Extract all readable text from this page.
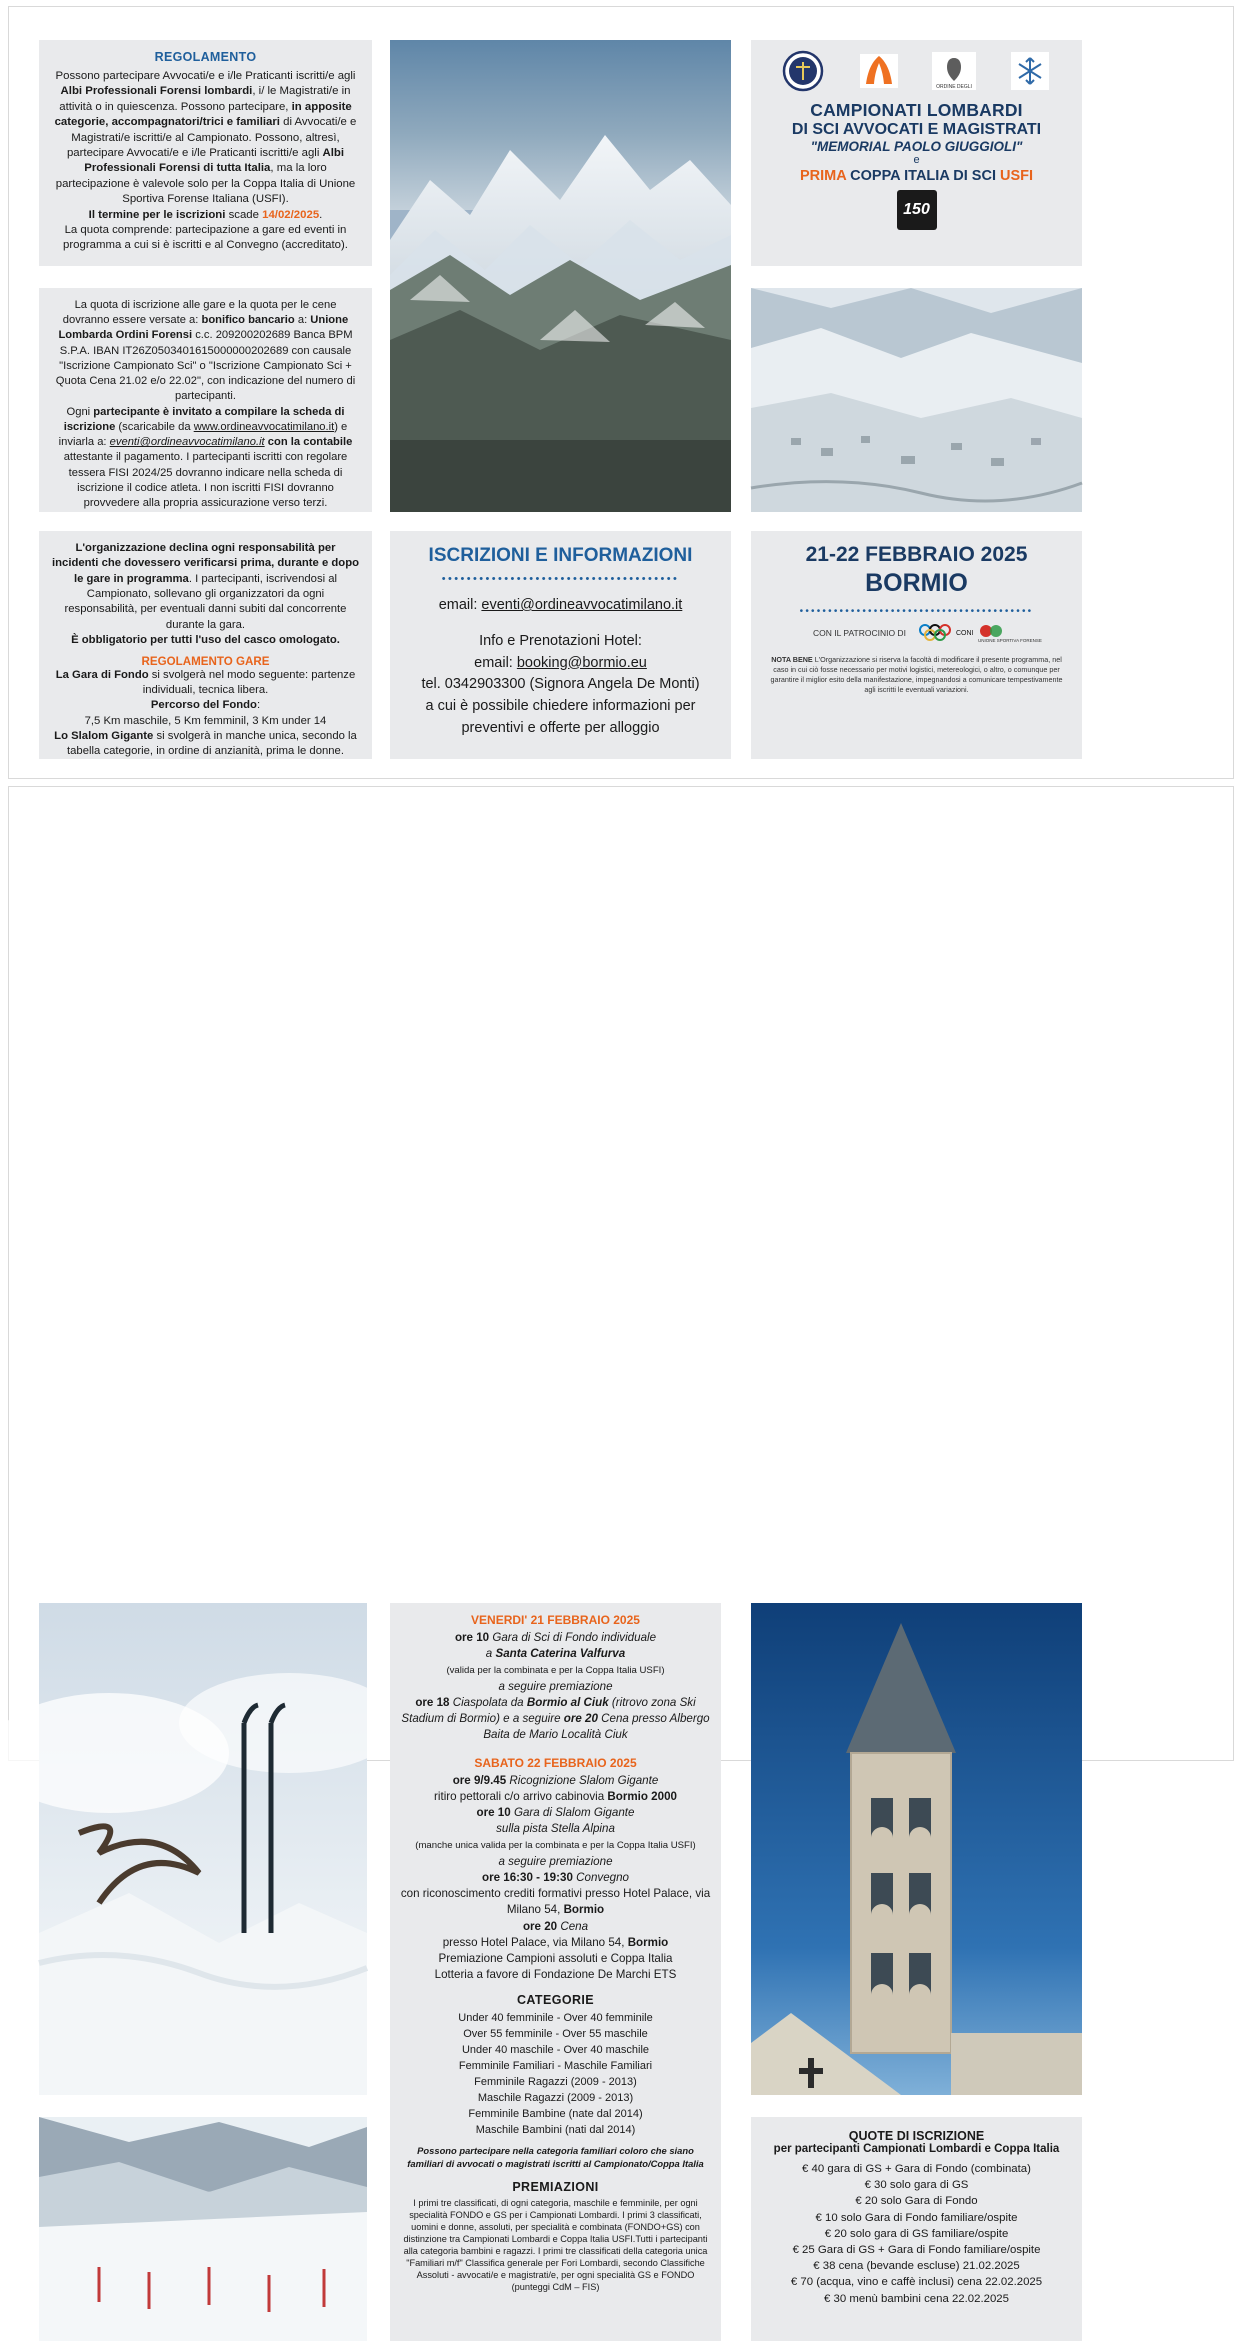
REGOLAMENTO

Possono partecipare Avvocati/e e i/le Praticanti iscritti/e agli Albi Professionali Forensi lombardi, i/ le Magistrati/e in attività o in quiescenza. Possono partecipare, in apposite categorie, accompagnatori/trici e familiari di Avvocati/e e Magistrati/e iscritti/e al Campionato. Possono, altresì, partecipare Avvocati/e e i/le Praticanti iscritti/e agli Albi Professionali Forensi di tutta Italia, ma la loro partecipazione è valevole solo per la Coppa Italia di Unione Sportiva Forense Italiana (USFI).
Il termine per le iscrizioni scade 14/02/2025.
La quota comprende: partecipazione a gare ed eventi in programma a cui si è iscritti e al Convegno (accreditato).

La quota di iscrizione alle gare e la quota per le cene dovranno essere versate a: bonifico bancario a: Unione Lombarda Ordini Forensi c.c. 209200202689 Banca BPM S.P.A. IBAN IT26Z0503401615000000202689 con causale "Iscrizione Campionato Sci" o "Iscrizione Campionato Sci + Quota Cena 21.02 e/o 22.02", con indicazione del numero di partecipanti.
Ogni partecipante è invitato a compilare la scheda di iscrizione (scaricabile da www.ordineavvocatimilano.it) e inviarla a: eventi@ordineavvocatimilano.it con la contabile attestante il pagamento. I partecipanti iscritti con regolare tessera FISI 2024/25 dovranno indicare nella scheda di iscrizione il codice atleta. I non iscritti FISI dovranno provvedere alla propria assicurazione verso terzi.

L'organizzazione declina ogni responsabilità per incidenti che dovessero verificarsi prima, durante e dopo le gare in programma. I partecipanti, iscrivendosi al Campionato, sollevano gli organizzatori da ogni responsabilità, per eventuali danni subiti dal concorrente durante la gara.
È obbligatorio per tutti l'uso del casco omologato.

REGOLAMENTO GARE

La Gara di Fondo si svolgerà nel modo seguente: partenze individuali, tecnica libera.
Percorso del Fondo:
7,5 Km maschile, 5 Km femminil, 3 Km under 14
Lo Slalom Gigante si svolgerà in manche unica, secondo la tabella categorie, in ordine di anzianità, prima le donne.

ORDINE DEGLI
CAMPIONATI LOMBARDI
DI SCI AVVOCATI E MAGISTRATI
"MEMORIAL PAOLO GIUGGIOLI"
e
PRIMA COPPA ITALIA DI SCI USFI
150
ISCRIZIONI E INFORMAZIONI
••••••••••••••••••••••••••••••••••••••
email: eventi@ordineavvocatimilano.it
Info e Prenotazioni Hotel:
email: booking@bormio.eu
tel. 0342903300 (Signora Angela De Monti)
a cui è possibile chiedere informazioni per preventivi e offerte per alloggio
21-22 FEBBRAIO 2025
BORMIO
•••••••••••••••••••••••••••••••••••••••••
CON IL PATROCINIO DI	CONI
UNIONE SPORTIVA FORENSE
NOTA BENE L'Organizzazione si riserva la facoltà di modificare il presente programma, nel caso in cui ciò fosse necessario per motivi logistici, metereologici, o altro, o comunque per garantire il miglior esito della manifestazione, impegnandosi a comunicare tempestivamente agli iscritti le eventuali variazioni.
VENERDI' 21 FEBBRAIO 2025
ore 10 Gara di Sci di Fondo individuale
a Santa Caterina Valfurva
(valida per la combinata e per la Coppa Italia USFI)
a seguire premiazione
ore 18 Ciaspolata da Bormio al Ciuk (ritrovo zona Ski Stadium di Bormio) e a seguire ore 20 Cena presso Albergo Baita de Mario Località Ciuk
SABATO 22 FEBBRAIO 2025
ore 9/9.45 Ricognizione Slalom Gigante
ritiro pettorali c/o arrivo cabinovia Bormio 2000
ore 10 Gara di Slalom Gigante
sulla pista Stella Alpina
(manche unica valida per la combinata e per la Coppa Italia USFI)
a seguire premiazione
ore 16:30 - 19:30 Convegno
con riconoscimento crediti formativi presso Hotel Palace, via Milano 54, Bormio
ore 20 Cena
presso Hotel Palace, via Milano 54, Bormio
Premiazione Campioni assoluti e Coppa Italia
Lotteria a favore di Fondazione De Marchi ETS
CATEGORIE
Under 40 femminile - Over 40 femminile
Over 55 femminile - Over 55 maschile
Under 40 maschile - Over 40 maschile
Femminile Familiari - Maschile Familiari
Femminile Ragazzi (2009 - 2013)
Maschile Ragazzi (2009 - 2013)
Femminile Bambine (nate dal 2014)
Maschile Bambini (nati dal 2014)
Possono partecipare nella categoria familiari coloro che siano familiari di avvocati o magistrati iscritti al Campionato/Coppa Italia
PREMIAZIONI
I primi tre classificati, di ogni categoria, maschile e femminile, per ogni specialità FONDO e GS per i Campionati Lombardi. I primi 3 classificati, uomini e donne, assoluti, per specialità e combinata (FONDO+GS) con distinzione tra Campionati Lombardi e Coppa Italia USFI.Tutti i partecipanti alla categoria bambini e ragazzi. I primi tre classificati della categoria unica "Familiari m/f" Classifica generale per Fori Lombardi, secondo Classifiche Assoluti - avvocati/e e magistrati/e, per ogni specialità GS e FONDO (punteggi CdM – FIS)
QUOTE DI ISCRIZIONE
per partecipanti Campionati Lombardi e Coppa Italia
€ 40 gara di GS + Gara di Fondo (combinata)
€ 30 solo gara di GS
€ 20 solo Gara di Fondo
€ 10 solo Gara di Fondo familiare/ospite
€ 20 solo gara di GS familiare/ospite
€ 25 Gara di GS + Gara di Fondo familiare/ospite
€ 38 cena (bevande escluse) 21.02.2025
€ 70 (acqua, vino e caffè inclusi) cena 22.02.2025
€ 30 menù bambini cena 22.02.2025
